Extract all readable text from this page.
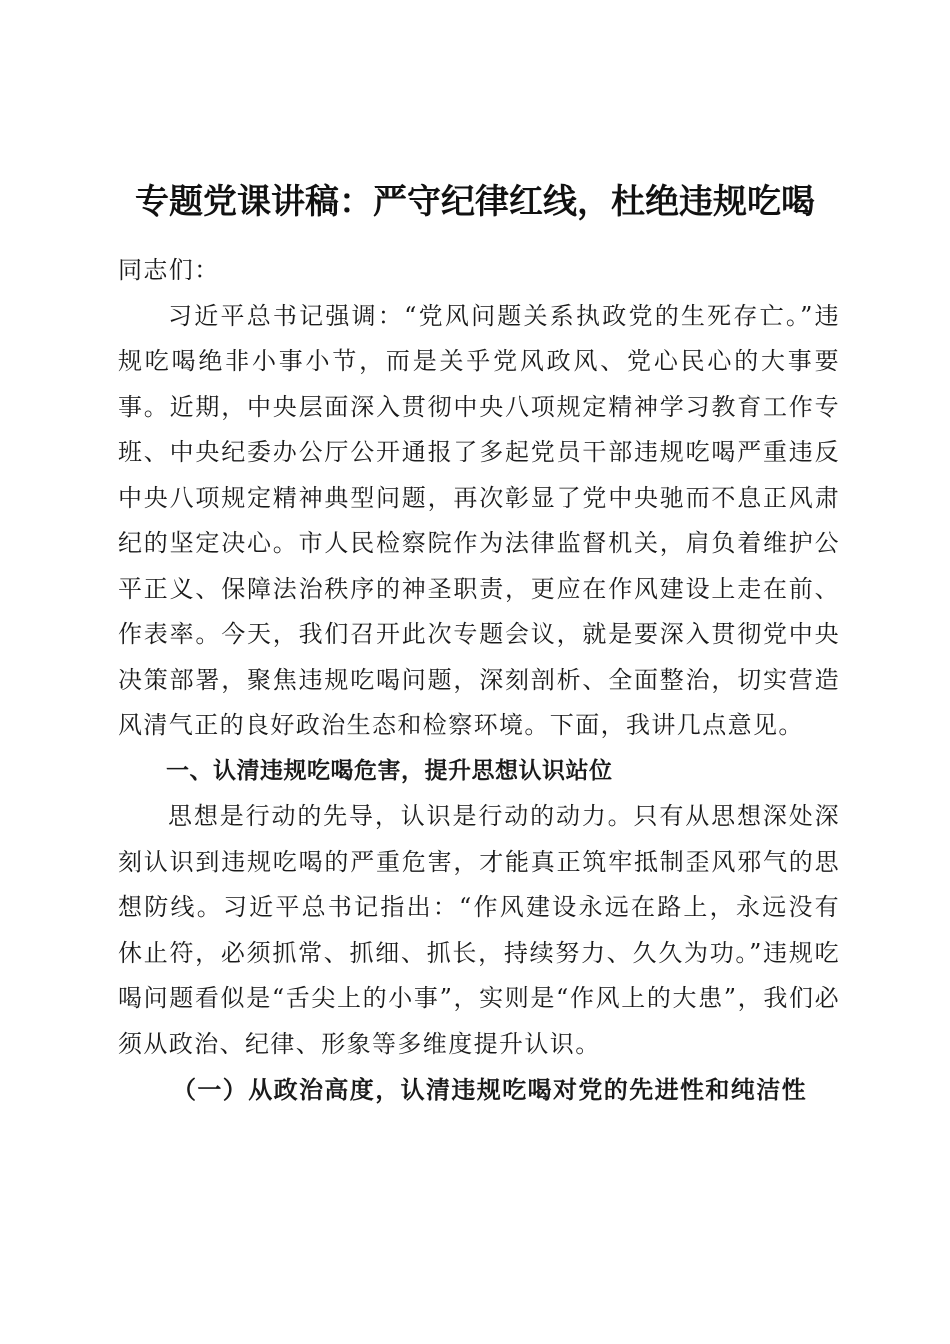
专题党课讲稿：严守纪律红线，杜绝违规吃喝

同志们：

习近平总书记强调：“党风问题关系执政党的生死存亡。”违规吃喝绝非小事小节，而是关乎党风政风、党心民心的大事要事。近期，中央层面深入贯彻中央八项规定精神学习教育工作专班、中央纪委办公厅公开通报了多起党员干部违规吃喝严重违反中央八项规定精神典型问题，再次彰显了党中央驰而不息正风肃纪的坚定决心。市人民检察院作为法律监督机关，肩负着维护公平正义、保障法治秩序的神圣职责，更应在作风建设上走在前、作表率。今天，我们召开此次专题会议，就是要深入贯彻党中央决策部署，聚焦违规吃喝问题，深刻剖析、全面整治，切实营造风清气正的良好政治生态和检察环境。下面，我讲几点意见。

一、认清违规吃喝危害，提升思想认识站位

思想是行动的先导，认识是行动的动力。只有从思想深处深刻认识到违规吃喝的严重危害，才能真正筑牢抵制歪风邪气的思想防线。习近平总书记指出：“作风建设永远在路上，永远没有休止符，必须抓常、抓细、抓长，持续努力、久久为功。”违规吃喝问题看似是“舌尖上的小事”，实则是“作风上的大患”，我们必须从政治、纪律、形象等多维度提升认识。

（一）从政治高度，认清违规吃喝对党的先进性和纯洁性
